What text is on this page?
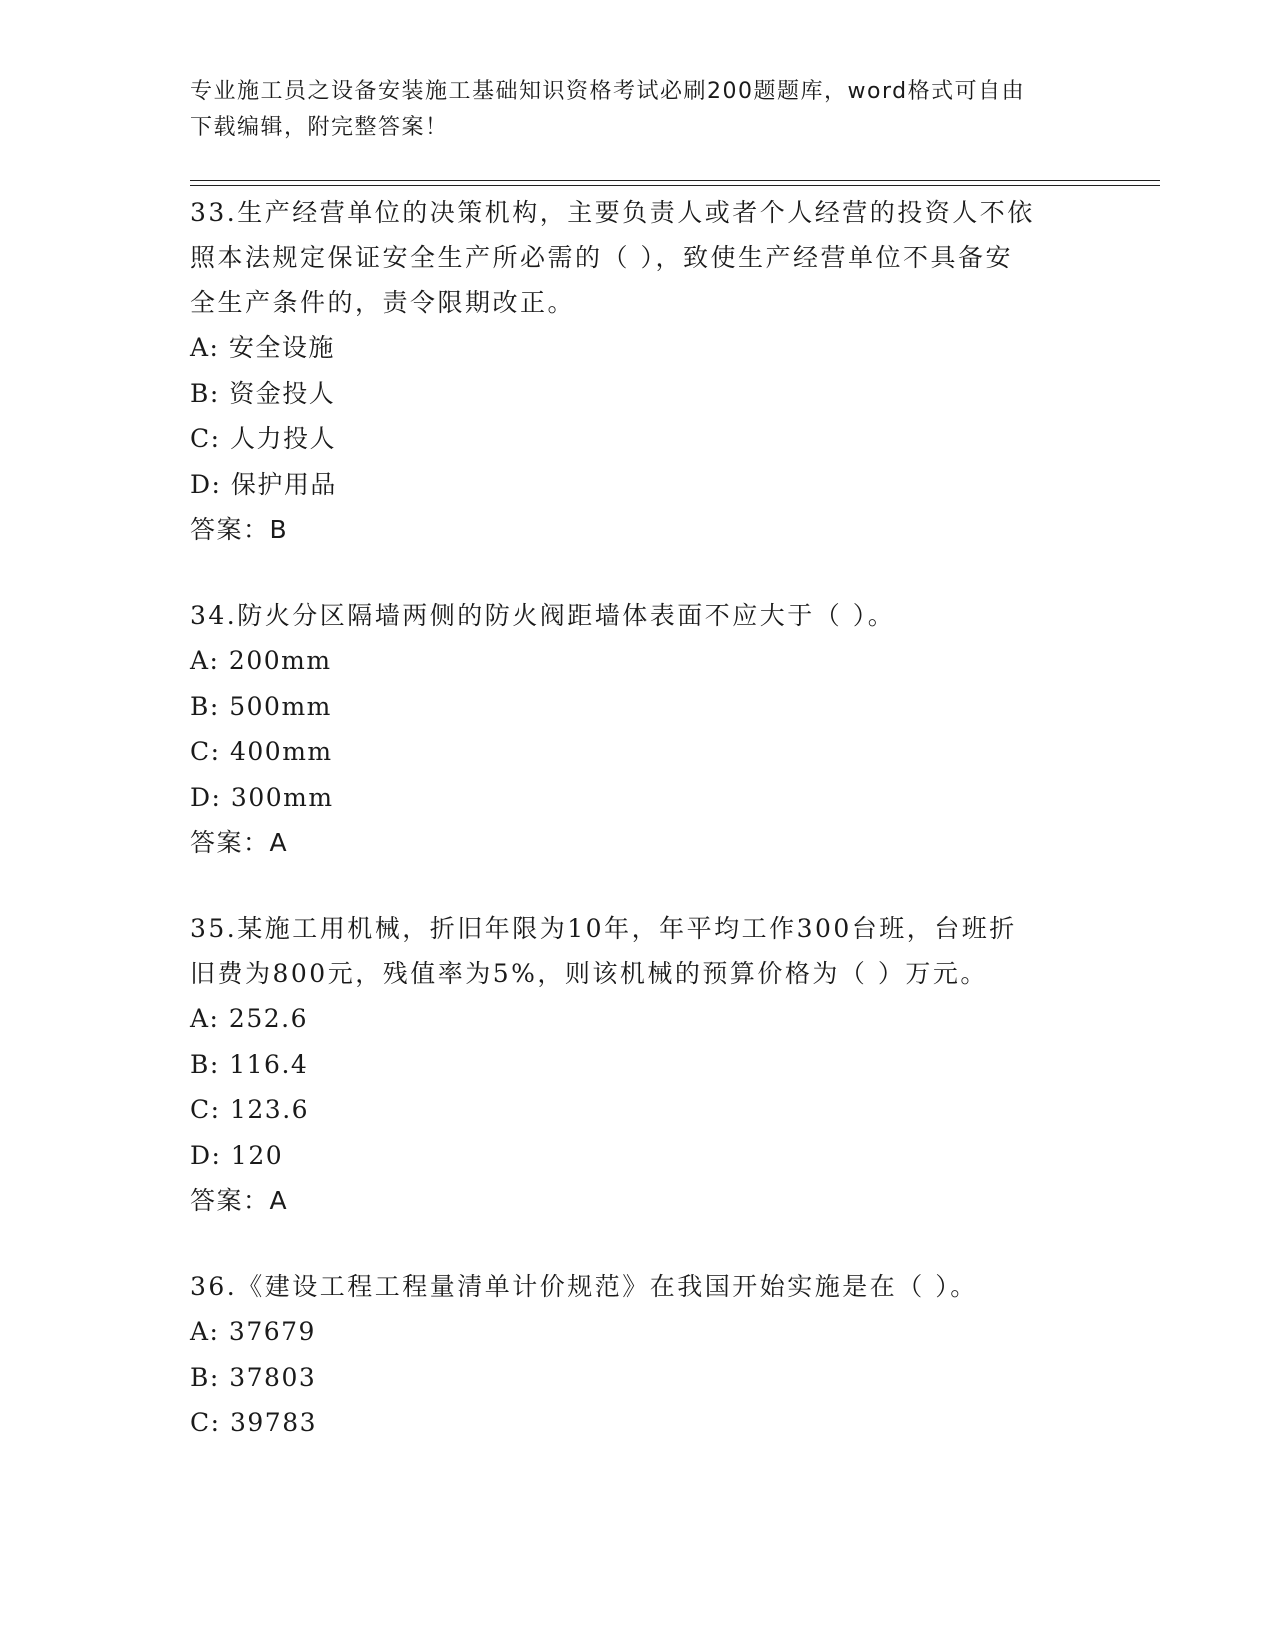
专业施工员之设备安装施工基础知识资格考试必刷200题题库，word格式可自由
下载编辑，附完整答案！

33.生产经营单位的决策机构，主要负责人或者个人经营的投资人不依

照本法规定保证安全生产所必需的（ ），致使生产经营单位不具备安

全生产条件的，责令限期改正。

A: 安全设施

B: 资金投人

C: 人力投人

D: 保护用品

答案：B

34.防火分区隔墙两侧的防火阀距墙体表面不应大于（ ）。

A: 200mm

B: 500mm

C: 400mm

D: 300mm

答案：A

35.某施工用机械，折旧年限为10年，年平均工作300台班，台班折

旧费为800元，残值率为5%，则该机械的预算价格为（ ）万元。

A: 252.6

B: 116.4

C: 123.6

D: 120

答案：A

36.《建设工程工程量清单计价规范》在我国开始实施是在（ ）。

A: 37679

B: 37803

C: 39783
